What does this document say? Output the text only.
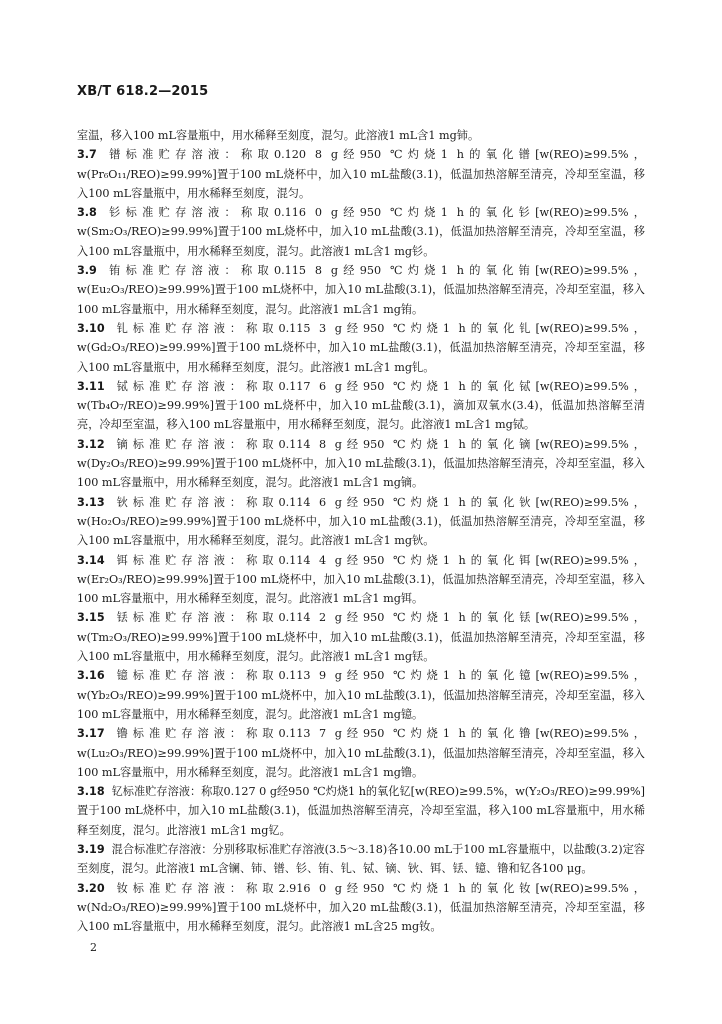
XB/T 618.2—2015

室温，移入100 mL容量瓶中，用水稀释至刻度，混匀。此溶液1 mL含1 mg铈。

3.7 镨标准贮存溶液：称取0.120 8 g经950 ℃灼烧1 h的氧化镨[w(REO)≥99.5%，w(Pr₆O₁₁/REO)≥99.99%]置于100 mL烧杯中，加入10 mL盐酸(3.1)，低温加热溶解至清亮，冷却至室温，移入100 mL容量瓶中，用水稀释至刻度，混匀。

3.8 钐标准贮存溶液：称取0.116 0 g经950 ℃灼烧1 h的氧化钐[w(REO)≥99.5%，w(Sm₂O₃/REO)≥99.99%]置于100 mL烧杯中，加入10 mL盐酸(3.1)，低温加热溶解至清亮，冷却至室温，移入100 mL容量瓶中，用水稀释至刻度，混匀。此溶液1 mL含1 mg钐。

3.9 铕标准贮存溶液：称取0.115 8 g经950 ℃灼烧1 h的氧化铕[w(REO)≥99.5%，w(Eu₂O₃/REO)≥99.99%]置于100 mL烧杯中，加入10 mL盐酸(3.1)，低温加热溶解至清亮，冷却至室温，移入100 mL容量瓶中，用水稀释至刻度，混匀。此溶液1 mL含1 mg铕。

3.10 钆标准贮存溶液：称取0.115 3 g经950 ℃灼烧1 h的氧化钆[w(REO)≥99.5%，w(Gd₂O₃/REO)≥99.99%]置于100 mL烧杯中，加入10 mL盐酸(3.1)，低温加热溶解至清亮，冷却至室温，移入100 mL容量瓶中，用水稀释至刻度，混匀。此溶液1 mL含1 mg钆。

3.11 铽标准贮存溶液：称取0.117 6 g经950 ℃灼烧1 h的氧化铽[w(REO)≥99.5%，w(Tb₄O₇/REO)≥99.99%]置于100 mL烧杯中，加入10 mL盐酸(3.1)，滴加双氧水(3.4)，低温加热溶解至清亮，冷却至室温，移入100 mL容量瓶中，用水稀释至刻度，混匀。此溶液1 mL含1 mg铽。

3.12 镝标准贮存溶液：称取0.114 8 g经950 ℃灼烧1 h的氧化镝[w(REO)≥99.5%，w(Dy₂O₃/REO)≥99.99%]置于100 mL烧杯中，加入10 mL盐酸(3.1)，低温加热溶解至清亮，冷却至室温，移入100 mL容量瓶中，用水稀释至刻度，混匀。此溶液1 mL含1 mg镝。

3.13 钬标准贮存溶液：称取0.114 6 g经950 ℃灼烧1 h的氧化钬[w(REO)≥99.5%，w(Ho₂O₃/REO)≥99.99%]置于100 mL烧杯中，加入10 mL盐酸(3.1)，低温加热溶解至清亮，冷却至室温，移入100 mL容量瓶中，用水稀释至刻度，混匀。此溶液1 mL含1 mg钬。

3.14 铒标准贮存溶液：称取0.114 4 g经950 ℃灼烧1 h的氧化铒[w(REO)≥99.5%，w(Er₂O₃/REO)≥99.99%]置于100 mL烧杯中，加入10 mL盐酸(3.1)，低温加热溶解至清亮，冷却至室温，移入100 mL容量瓶中，用水稀释至刻度，混匀。此溶液1 mL含1 mg铒。

3.15 铥标准贮存溶液：称取0.114 2 g经950 ℃灼烧1 h的氧化铥[w(REO)≥99.5%，w(Tm₂O₃/REO)≥99.99%]置于100 mL烧杯中，加入10 mL盐酸(3.1)，低温加热溶解至清亮，冷却至室温，移入100 mL容量瓶中，用水稀释至刻度，混匀。此溶液1 mL含1 mg铥。

3.16 镱标准贮存溶液：称取0.113 9 g经950 ℃灼烧1 h的氧化镱[w(REO)≥99.5%，w(Yb₂O₃/REO)≥99.99%]置于100 mL烧杯中，加入10 mL盐酸(3.1)，低温加热溶解至清亮，冷却至室温，移入100 mL容量瓶中，用水稀释至刻度，混匀。此溶液1 mL含1 mg镱。

3.17 镥标准贮存溶液：称取0.113 7 g经950 ℃灼烧1 h的氧化镥[w(REO)≥99.5%，w(Lu₂O₃/REO)≥99.99%]置于100 mL烧杯中，加入10 mL盐酸(3.1)，低温加热溶解至清亮，冷却至室温，移入100 mL容量瓶中，用水稀释至刻度，混匀。此溶液1 mL含1 mg镥。

3.18 钇标准贮存溶液：称取0.127 0 g经950 ℃灼烧1 h的氧化钇[w(REO)≥99.5%，w(Y₂O₃/REO)≥99.99%]置于100 mL烧杯中，加入10 mL盐酸(3.1)，低温加热溶解至清亮，冷却至室温，移入100 mL容量瓶中，用水稀释至刻度，混匀。此溶液1 mL含1 mg钇。

3.19 混合标准贮存溶液：分别移取标准贮存溶液(3.5～3.18)各10.00 mL于100 mL容量瓶中，以盐酸(3.2)定容至刻度，混匀。此溶液1 mL含镧、铈、镨、钐、铕、钆、铽、镝、钬、铒、铥、镱、镥和钇各100 μg。

3.20 钕标准贮存溶液：称取2.916 0 g经950 ℃灼烧1 h的氧化钕[w(REO)≥99.5%，w(Nd₂O₃/REO)≥99.99%]置于100 mL烧杯中，加入20 mL盐酸(3.1)，低温加热溶解至清亮，冷却至室温，移入100 mL容量瓶中，用水稀释至刻度，混匀。此溶液1 mL含25 mg钕。

2
